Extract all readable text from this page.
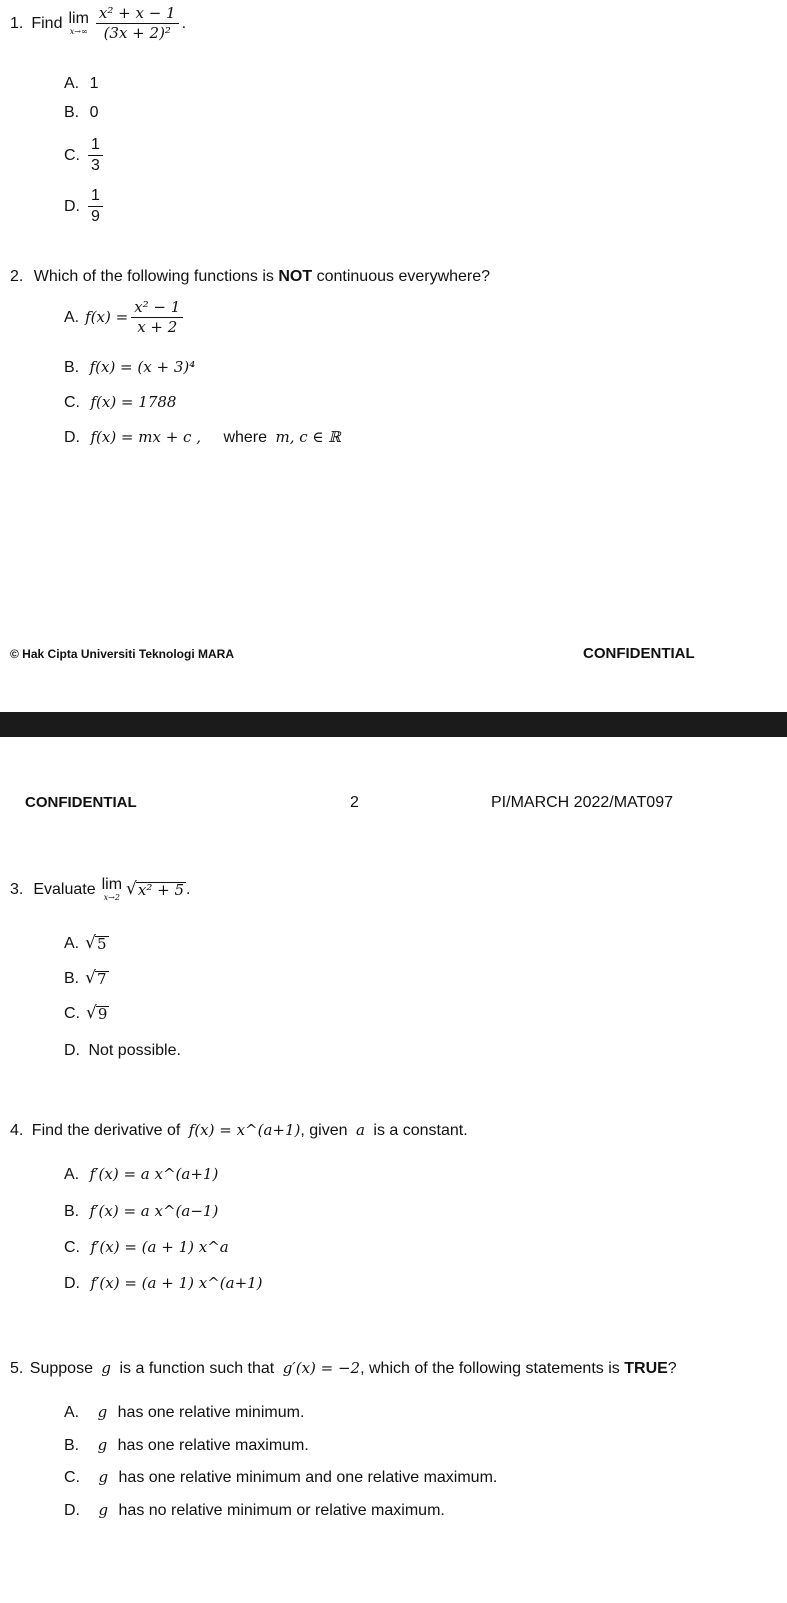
1. Find lim
$x\to\infty \frac{\text{x² + x − 1}}{\text{(3x + 2)²}}$ .
A. 1
B. 0
C. $\frac{1}{3}$
D. $\frac{1}{9}$
2. Which of the following functions is NOT continuous everywhere?
A. $f(x) = \frac{\text{x² − 1}}{x + 2}$
B. f(x) = (x + 3)⁴
C. f(x) = 1788
D. f(x) = mx + c , where m, c ∈ ℝ
© Hak Cipta Universiti Teknologi MARA	CONFIDENTIAL
CONFIDENTIAL	2	PI/MARCH 2022/MAT097
3. Evaluate lim
x→2 √ x² + 5 .
A. √ 5
B. √ 7
C. √ 9
D. Not possible.
4. Find the derivative of f(x) = x^(a+1), given a is a constant.
A. f′(x) = a x^(a+1)
B. f′(x) = a x^(a−1)
C. f′(x) = (a + 1) x^a
D. f′(x) = (a + 1) x^(a+1)
5. Suppose g is a function such that g′(x) = −2, which of the following statements is TRUE?
A. g has one relative minimum.
B. g has one relative maximum.
C. g has one relative minimum and one relative maximum.
D. g has no relative minimum or relative maximum.
